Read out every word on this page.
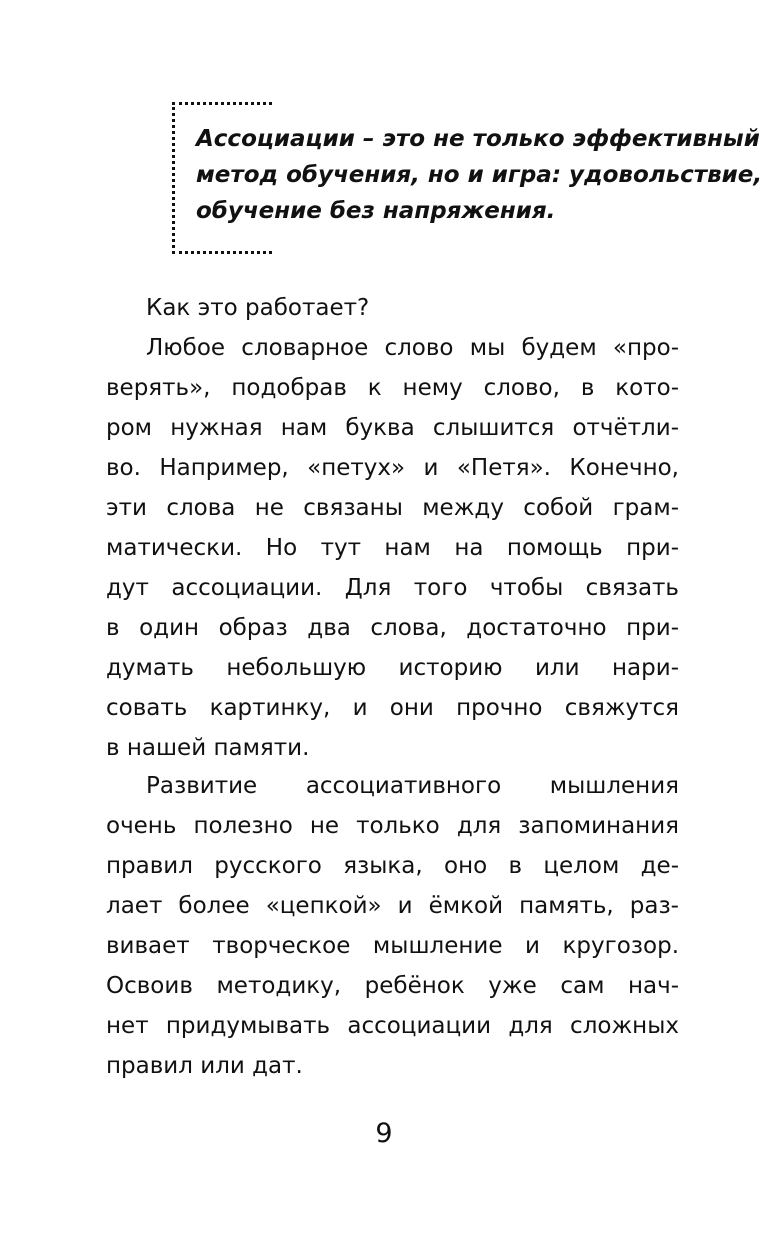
Ассоциации – это не только эффективный
метод обучения, но и игра: удовольствие,
обучение без напряжения.
Как это работает?
Любое словарное слово мы будем «про-
верять», подобрав к нему слово, в кото-
ром нужная нам буква слышится отчётли-
во. Например, «петух» и «Петя». Конечно,
эти слова не связаны между собой грам-
матически. Но тут нам на помощь при-
дут ассоциации. Для того чтобы связать
в один образ два слова, достаточно при-
думать небольшую историю или нари-
совать картинку, и они прочно свяжутся
в нашей памяти.
Развитие ассоциативного мышления
очень полезно не только для запоминания
правил русского языка, оно в целом де-
лает более «цепкой» и ёмкой память, раз-
вивает творческое мышление и кругозор.
Освоив методику, ребёнок уже сам нач-
нет придумывать ассоциации для сложных
правил или дат.
9
